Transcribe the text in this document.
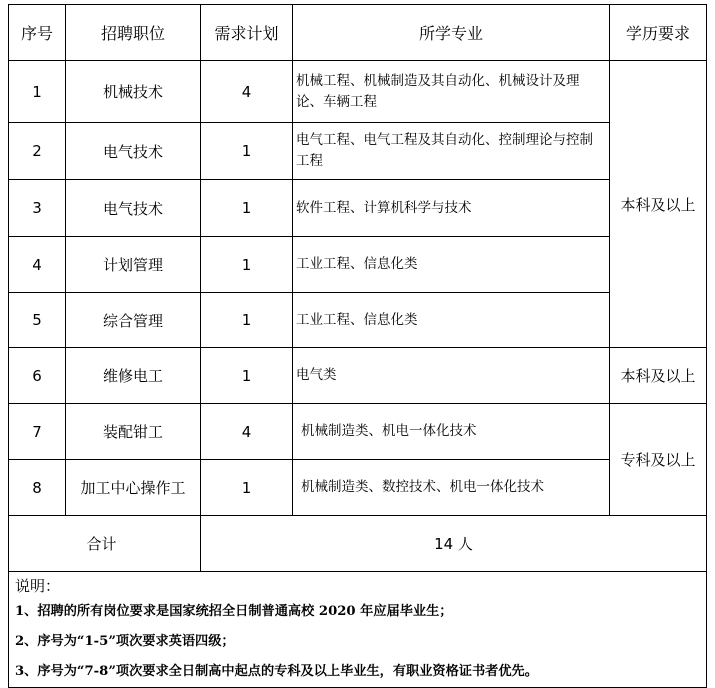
序号	招聘职位	需求计划	所学专业	学历要求
1	机械技术	4	机械工程、机械制造及其自动化、机械设计及理论、车辆工程	本科及以上
2	电气技术	1	电气工程、电气工程及其自动化、控制理论与控制工程	
3	电气技术	1	软件工程、计算机科学与技术	
4	计划管理	1	工业工程、信息化类	
5	综合管理	1	工业工程、信息化类	
6	维修电工	1	电气类	本科及以上
7	装配钳工	4	机械制造类、机电一体化技术	专科及以上
8	加工中心操作工	1	机械制造类、数控技术、机电一体化技术	
合计		14 人		

说明：
1、招聘的所有岗位要求是国家统招全日制普通高校 2020 年应届毕业生；
2、序号为“1-5”项次要求英语四级；
3、序号为“7-8”项次要求全日制高中起点的专科及以上毕业生，有职业资格证书者优先。				
